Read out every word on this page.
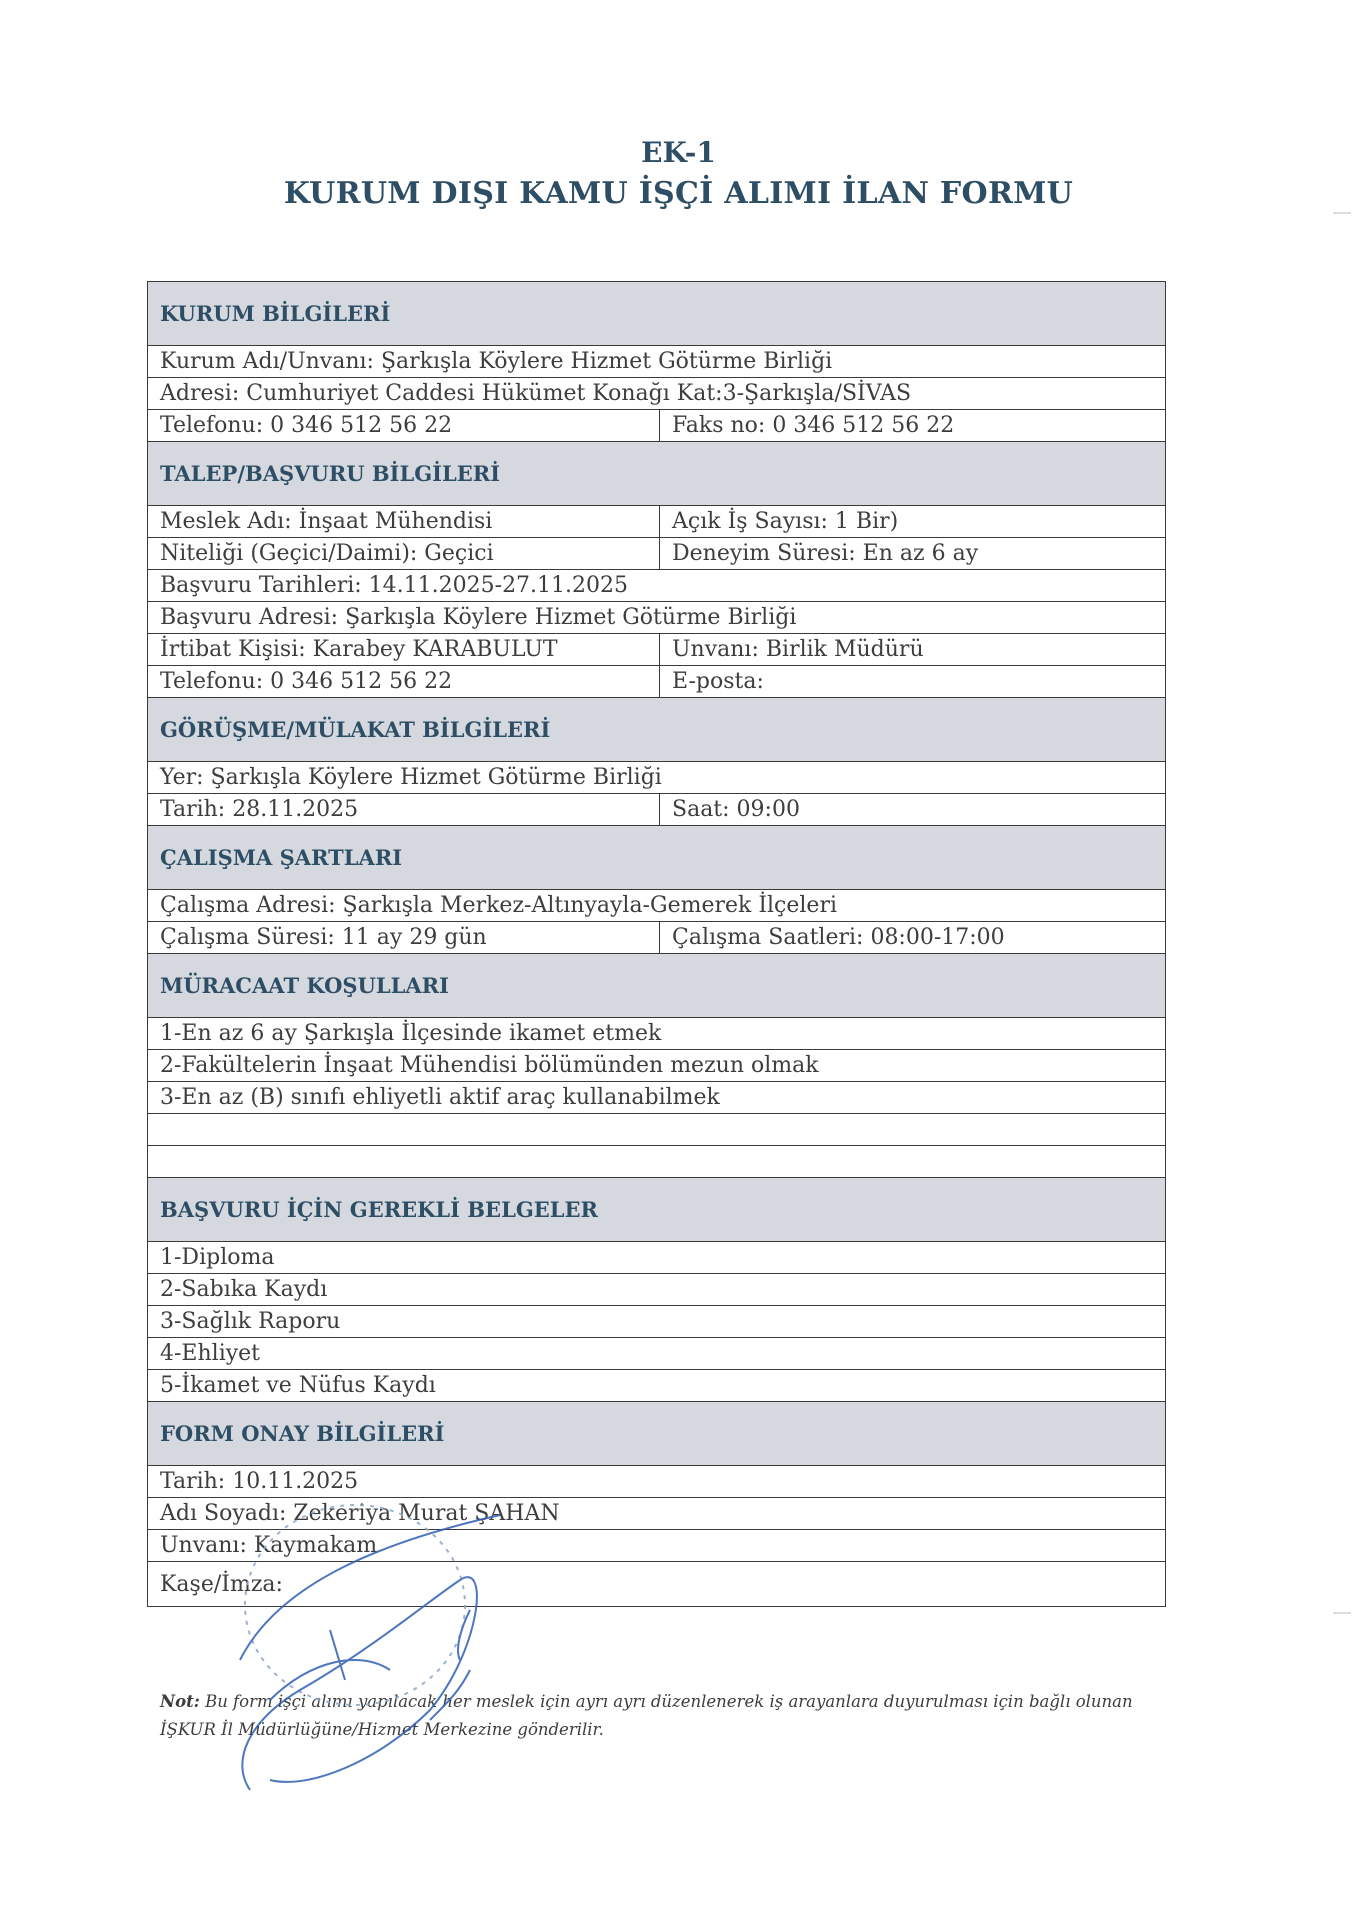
EK-1
KURUM DIŞI KAMU İŞÇİ ALIMI İLAN FORMU
KURUM BİLGİLERİ	
Kurum Adı/Unvanı: Şarkışla Köylere Hizmet Götürme Birliği	
Adresi: Cumhuriyet Caddesi Hükümet Konağı Kat:3-Şarkışla/SİVAS	
Telefonu: 0 346 512 56 22	Faks no: 0 346 512 56 22
TALEP/BAŞVURU BİLGİLERİ	
Meslek Adı: İnşaat Mühendisi	Açık İş Sayısı: 1 Bir)
Niteliği (Geçici/Daimi): Geçici	Deneyim Süresi: En az 6 ay
Başvuru Tarihleri: 14.11.2025-27.11.2025	
Başvuru Adresi: Şarkışla Köylere Hizmet Götürme Birliği	
İrtibat Kişisi: Karabey KARABULUT	Unvanı: Birlik Müdürü
Telefonu: 0 346 512 56 22	E-posta:
GÖRÜŞME/MÜLAKAT BİLGİLERİ	
Yer: Şarkışla Köylere Hizmet Götürme Birliği	
Tarih: 28.11.2025	Saat: 09:00
ÇALIŞMA ŞARTLARI	
Çalışma Adresi: Şarkışla Merkez-Altınyayla-Gemerek İlçeleri	
Çalışma Süresi: 11 ay 29 gün	Çalışma Saatleri: 08:00-17:00
MÜRACAAT KOŞULLARI	
1-En az 6 ay Şarkışla İlçesinde ikamet etmek	
2-Fakültelerin İnşaat Mühendisi bölümünden mezun olmak	
3-En az (B) sınıfı ehliyetli aktif araç kullanabilmek	

BAŞVURU İÇİN GEREKLİ BELGELER	
1-Diploma	
2-Sabıka Kaydı	
3-Sağlık Raporu	
4-Ehliyet	
5-İkamet ve Nüfus Kaydı	
FORM ONAY BİLGİLERİ	
Tarih: 10.11.2025	
Adı Soyadı: Zekeriya Murat ŞAHAN	
Unvanı: Kaymakam	
Kaşe/İmza:	
Not: Bu form işçi alımı yapılacak her meslek için ayrı ayrı düzenlenerek iş arayanlara duyurulması için bağlı olunan İŞKUR İl Müdürlüğüne/Hizmet Merkezine gönderilir.
